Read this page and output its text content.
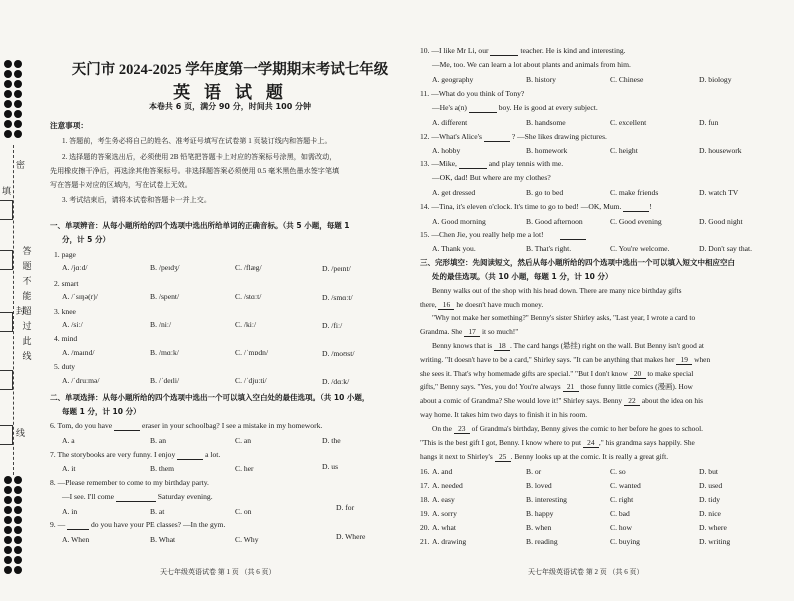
填
密
封
线
答题不能超过此线
天门市 2024-2025 学年度第一学期期末考试七年级
英 语 试 题
本卷共 6 页，满分 90 分，时间共 100 分钟
注意事项：
1. 答题前，考生务必将自己的姓名、准考证号填写在试卷第 1 页装订线内和答题卡上。
2. 选择题的答案选出后，必须使用 2B 铅笔把答题卡上对应的答案标号涂黑，如需改动，
先用橡皮擦干净后，再选涂其他答案标号。非选择题答案必须使用 0.5 毫米黑色墨水签字笔填
写在答题卡对应的区域内，写在试卷上无效。
3. 考试结束后，请将本试卷和答题卡一并上交。
一、单项辨音：从每小题所给的四个选项中选出所给单词的正确音标。（共 5 小题，每题 1
分，计 5 分）
1. page
A. /jɑːd/	B. /peɪdʒ/	C. /flæg/	D. /peɪnt/
2. smart
A. /ˈsɪŋə(r)/	B. /spent/	C. /stɑːt/	D. /smɑːt/
3. knee
A. /siː/	B. /niː/	C. /kiː/	D. /fiː/
4. mind
A. /maɪnd/	B. /mɑːk/	C. /ˈmɒdn/	D. /moʊst/
5. duty
A. /ˈdruːmə/	B. /ˈdeɪli/	C. /ˈdjuːti/	D. /dɑːk/
二、单项选择：从每小题所给的四个选项中选出一个可以填入空白处的最佳选项。（共 10 小题，
每题 1 分，计 10 分）
6. Tom, do you have	eraser in your schoolbag? I see a mistake in my homework.
A. a	B. an	C. an	D. the
7. The storybooks are very funny. I enjoy	a lot.
A. it	B. them	C. her	D. us
8. —Please remember to come to my birthday party.
—I see. I'll come	Saturday evening.
A. in	B. at	C. on	D. for
9. —	do you have your PE classes? —In the gym.
A. When	B. What	C. Why	D. Where
天七年级英语试卷 第 1 页 （共 6 页）
10. —I like Mr Li, our	teacher. He is kind and interesting.
—Me, too. We can learn a lot about plants and animals from him.
A. geography	B. history	C. Chinese	D. biology
11. —What do you think of Tony?
—He's a(n)	boy. He is good at every subject.
A. different	B. handsome	C. excellent	D. fun
12. —What's Alice's	? —She likes drawing pictures.
A. hobby	B. homework	C. height	D. housework
13. —Mike,	and play tennis with me.
—OK, dad! But where are my clothes?
A. get dressed	B. go to bed	C. make friends	D. watch TV
14. —Tina, it's eleven o'clock. It's time to go to bed! —OK, Mum.	!
A. Good morning	B. Good afternoon	C. Good evening	D. Good night
15. —Chen Jie, you really help me a lot!
A. Thank you.	B. That's right.	C. You're welcome.	D. Don't say that.
三、完形填空：先阅读短文，然后从每小题所给的四个选项中选出一个可以填入短文中相应空白
处的最佳选项。（共 10 小题，每题 1 分，计 10 分）
Benny walks out of the shop with his head down. There are many nice birthday gifts
there, 16 he doesn't have much money.
"Why not make her something?" Benny's sister Shirley asks, "Last year, I wrote a card to
Grandma. She 17 it so much!"
Benny knows that is 18 . The card hangs (悬挂) right on the wall. But Benny isn't good at
writing. "It doesn't have to be a card," Shirley says. "It can be anything that makes her 19 when
she sees it. That's why homemade gifts are special." "But I don't know 20 to make special
gifts," Benny says. "Yes, you do! You're always 21 those funny little comics (漫画). How
about a comic of Grandma? She would love it!" Shirley says. Benny 22 about the idea on his
way home. It takes him two days to finish it in his room.
On the 23 of Grandma's birthday, Benny gives the comic to her before he goes to school.
"This is the best gift I got, Benny. I know where to put 24 ," his grandma says happily. She
hangs it next to Shirley's 25 . Benny looks up at the comic. It is really a great gift.
16. A. and	B. or	C. so	D. but
17. A. needed	B. loved	C. wanted	D. used
18. A. easy	B. interesting	C. right	D. tidy
19. A. sorry	B. happy	C. bad	D. nice
20. A. what	B. when	C. how	D. where
21. A. drawing	B. reading	C. buying	D. writing
天七年级英语试卷 第 2 页 （共 6 页）
